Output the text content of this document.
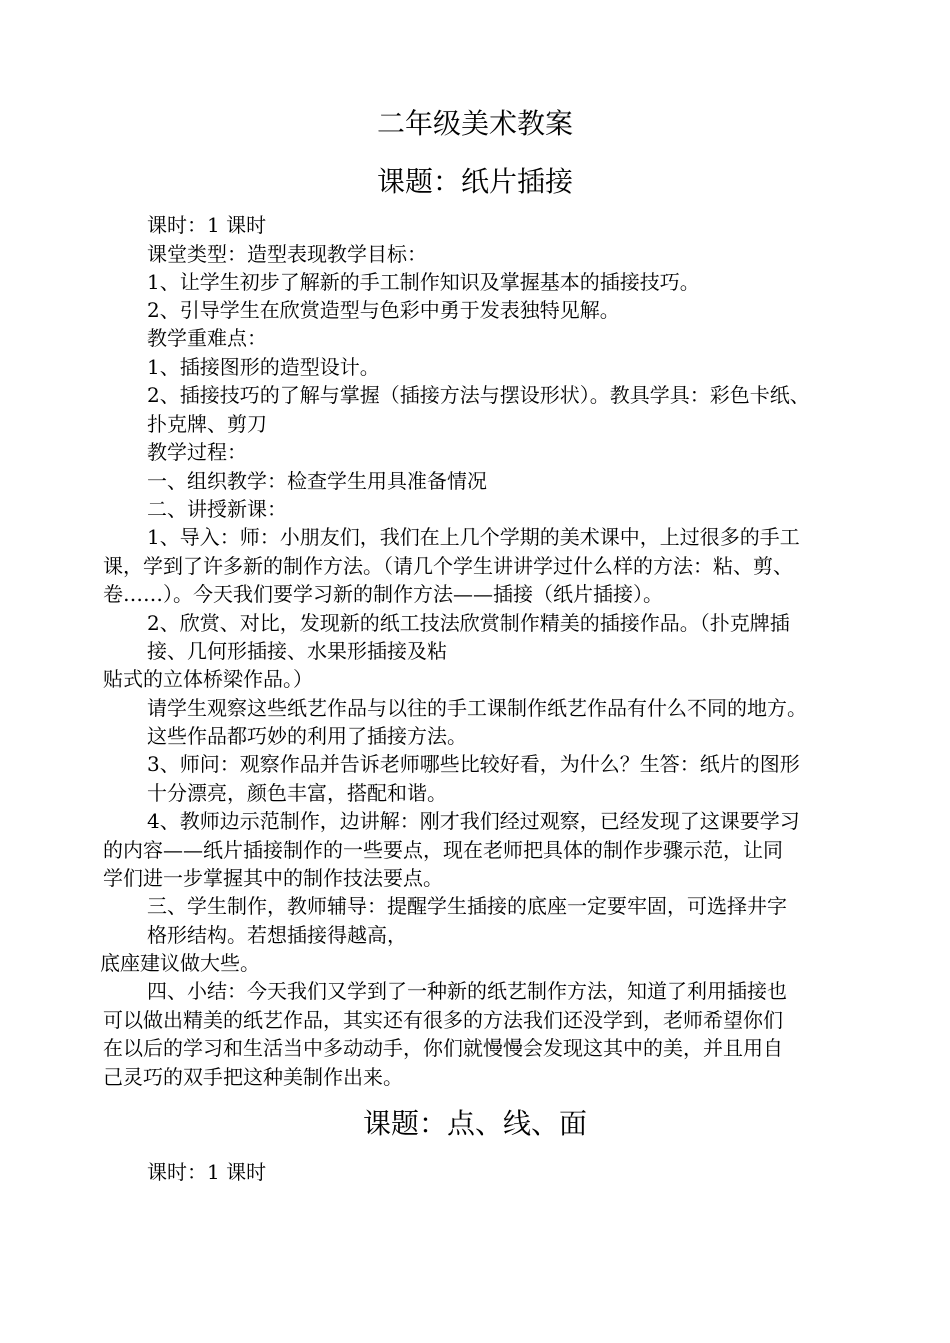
二年级美术教案
课题：纸片插接
课时：1 课时
课堂类型：造型表现教学目标：
1、让学生初步了解新的手工制作知识及掌握基本的插接技巧。
2、引导学生在欣赏造型与色彩中勇于发表独特见解。
教学重难点：
1、插接图形的造型设计。
2、插接技巧的了解与掌握（插接方法与摆设形状）。教具学具：彩色卡纸、
扑克牌、剪刀
教学过程：
一、组织教学：检查学生用具准备情况
二、讲授新课：
1、导入：师：小朋友们，我们在上几个学期的美术课中，上过很多的手工
课，学到了许多新的制作方法。（请几个学生讲讲学过什么样的方法：粘、剪、
卷……）。今天我们要学习新的制作方法——插接（纸片插接）。
2、欣赏、对比，发现新的纸工技法欣赏制作精美的插接作品。（扑克牌插
接、几何形插接、水果形插接及粘
贴式的立体桥梁作品。）
请学生观察这些纸艺作品与以往的手工课制作纸艺作品有什么不同的地方。
这些作品都巧妙的利用了插接方法。
3、师问：观察作品并告诉老师哪些比较好看，为什么？生答：纸片的图形
十分漂亮，颜色丰富，搭配和谐。
4、教师边示范制作，边讲解：刚才我们经过观察，已经发现了这课要学习
的内容——纸片插接制作的一些要点，现在老师把具体的制作步骤示范，让同
学们进一步掌握其中的制作技法要点。
三、学生制作，教师辅导：提醒学生插接的底座一定要牢固，可选择井字
格形结构。若想插接得越高，
底座建议做大些。
四、小结：今天我们又学到了一种新的纸艺制作方法，知道了利用插接也
可以做出精美的纸艺作品，其实还有很多的方法我们还没学到，老师希望你们
在以后的学习和生活当中多动动手，你们就慢慢会发现这其中的美，并且用自
己灵巧的双手把这种美制作出来。
课题：点、线、面
课时：1 课时
